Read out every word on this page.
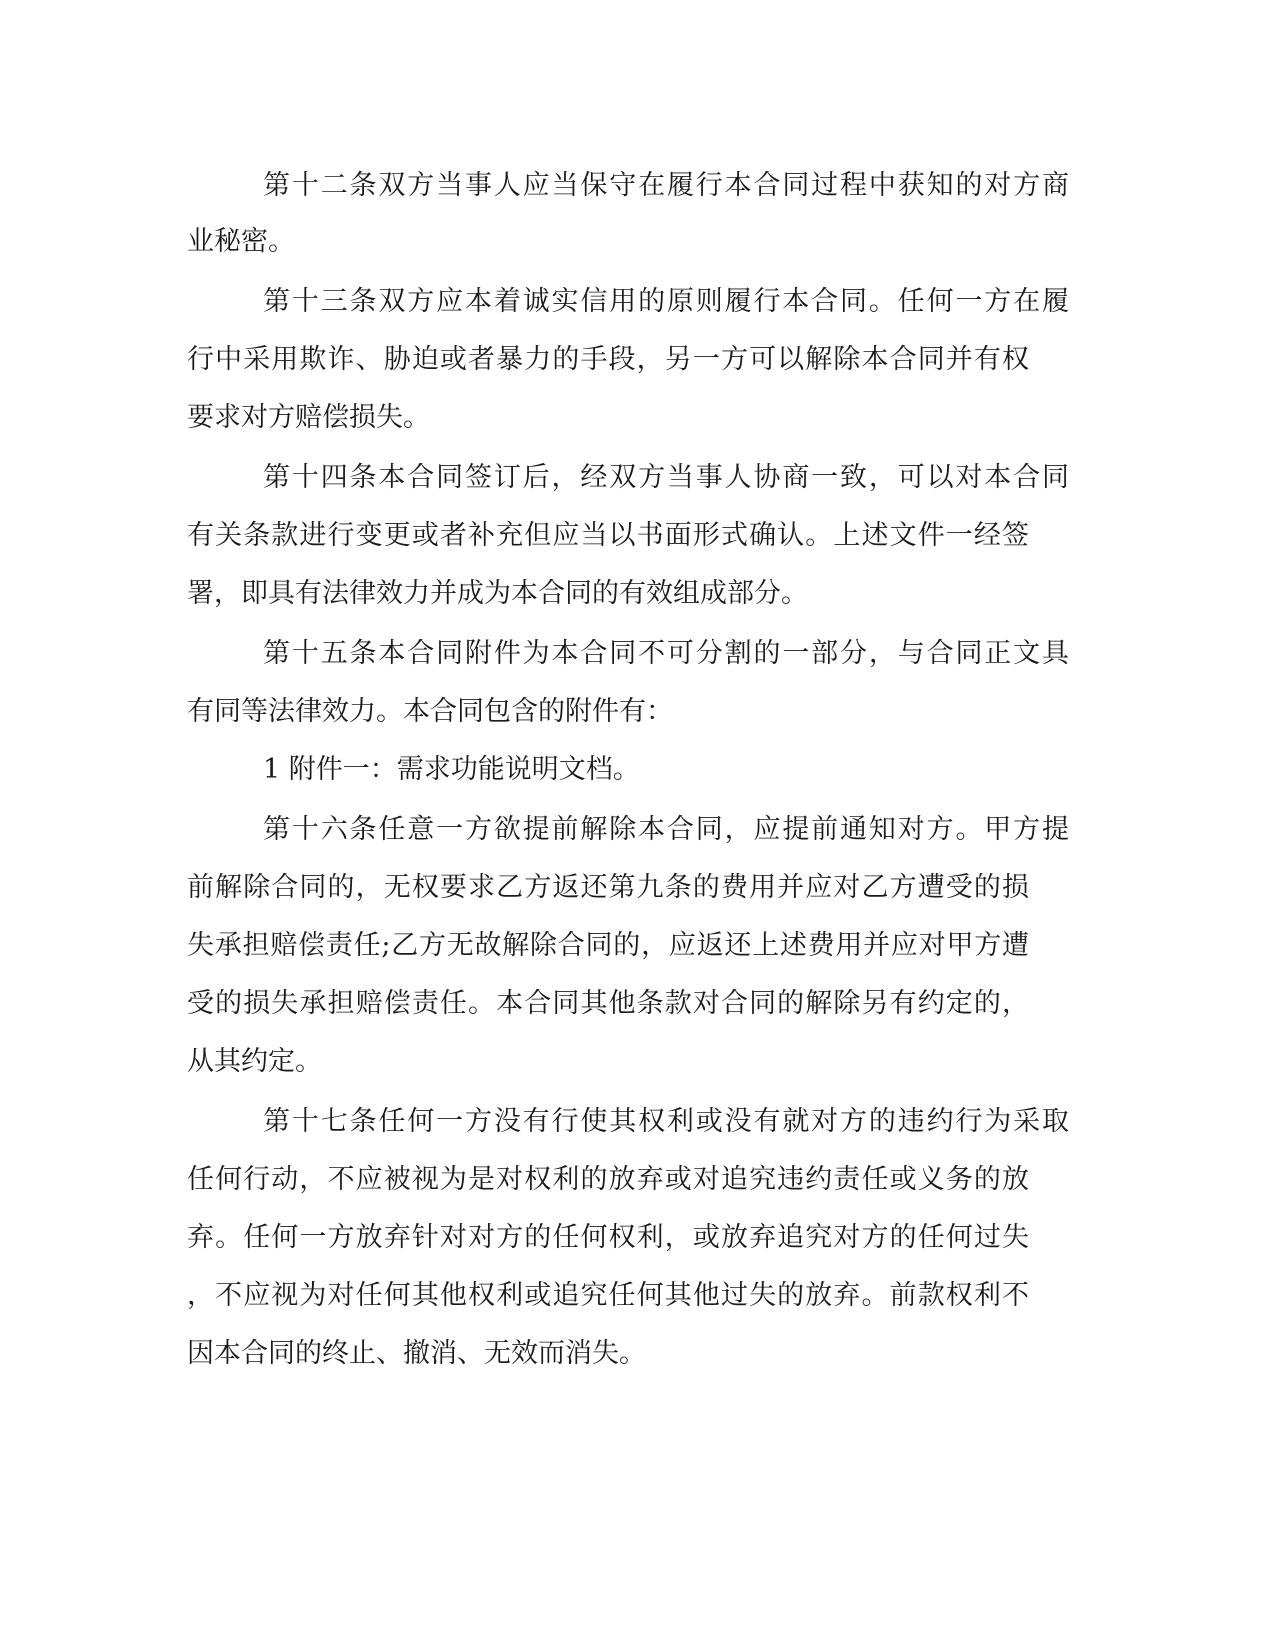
第十二条双方当事人应当保守在履行本合同过程中获知的对方商
业秘密。
第十三条双方应本着诚实信用的原则履行本合同。任何一方在履
行中采用欺诈、胁迫或者暴力的手段，另一方可以解除本合同并有权
要求对方赔偿损失。
第十四条本合同签订后，经双方当事人协商一致，可以对本合同
有关条款进行变更或者补充但应当以书面形式确认。上述文件一经签
署，即具有法律效力并成为本合同的有效组成部分。
第十五条本合同附件为本合同不可分割的一部分，与合同正文具
有同等法律效力。本合同包含的附件有：
1 附件一：需求功能说明文档。
第十六条任意一方欲提前解除本合同，应提前通知对方。甲方提
前解除合同的，无权要求乙方返还第九条的费用并应对乙方遭受的损
失承担赔偿责任;乙方无故解除合同的，应返还上述费用并应对甲方遭
受的损失承担赔偿责任。本合同其他条款对合同的解除另有约定的，
从其约定。
第十七条任何一方没有行使其权利或没有就对方的违约行为采取
任何行动，不应被视为是对权利的放弃或对追究违约责任或义务的放
弃。任何一方放弃针对对方的任何权利，或放弃追究对方的任何过失
，不应视为对任何其他权利或追究任何其他过失的放弃。前款权利不
因本合同的终止、撤消、无效而消失。
